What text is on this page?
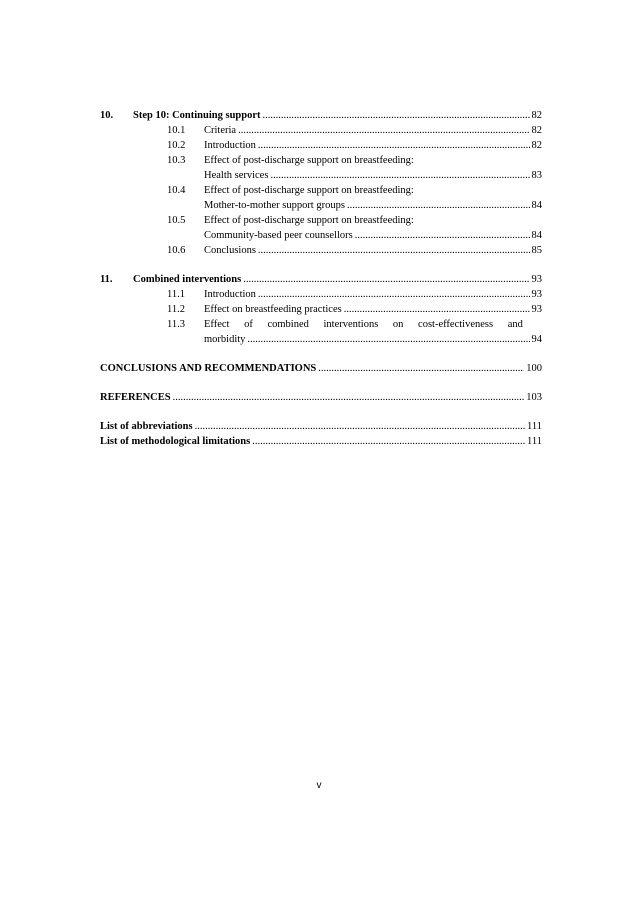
10.	Step 10: Continuing support .....	82
10.1	Criteria .....	82
10.2	Introduction .....	82
10.3	Effect of post-discharge support on breastfeeding:
Health services .....	83
10.4	Effect of post-discharge support on breastfeeding:
Mother-to-mother support groups .....	84
10.5	Effect of post-discharge support on breastfeeding:
Community-based peer counsellors .....	84
10.6	Conclusions .....	85
11.	Combined interventions .....	93
11.1	Introduction .....	93
11.2	Effect on breastfeeding practices .....	93
11.3	Effect of combined interventions on cost-effectiveness and
morbidity .....	94
CONCLUSIONS AND RECOMMENDATIONS .....	100
REFERENCES .....	103
List of abbreviations .....	111
List of methodological limitations .....	111
v
